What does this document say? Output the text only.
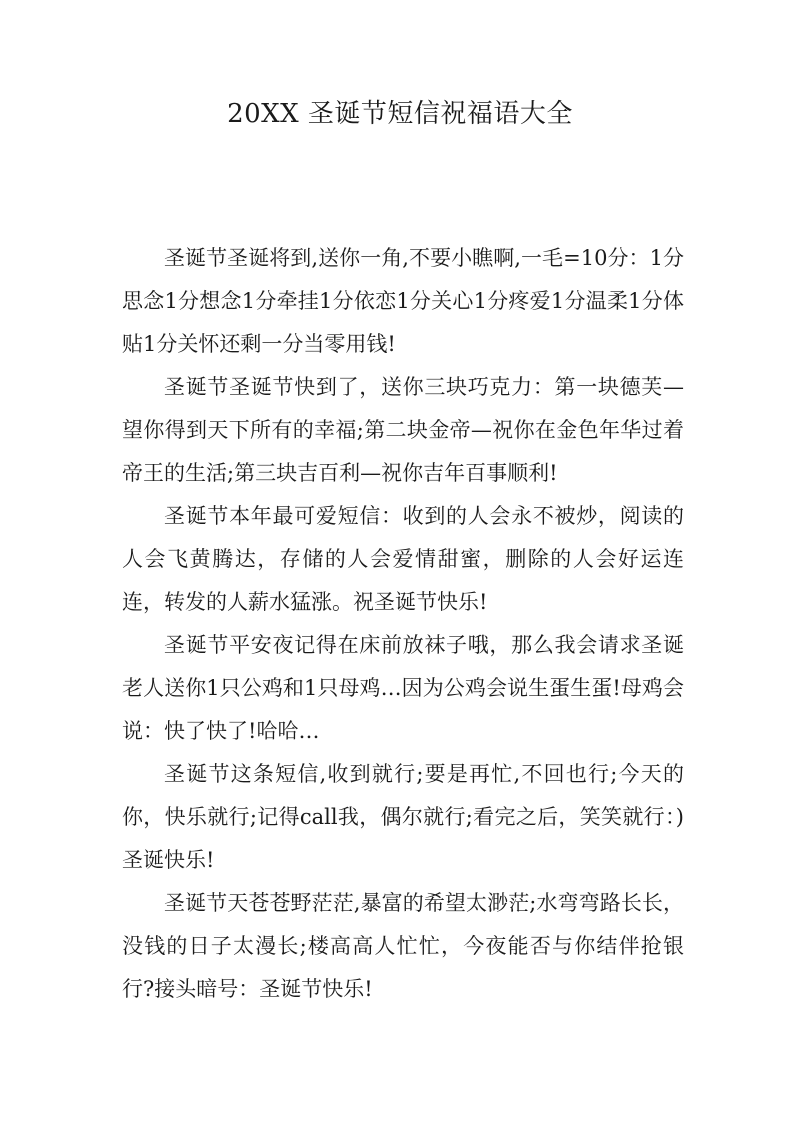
20XX 圣诞节短信祝福语大全

圣诞节圣诞将到,送你一角,不要小瞧啊,一毛=10分：1分思念1分想念1分牵挂1分依恋1分关心1分疼爱1分温柔1分体贴1分关怀还剩一分当零用钱!

圣诞节圣诞节快到了，送你三块巧克力：第一块德芙—望你得到天下所有的幸福;第二块金帝—祝你在金色年华过着帝王的生活;第三块吉百利—祝你吉年百事顺利!

圣诞节本年最可爱短信：收到的人会永不被炒，阅读的人会飞黄腾达，存储的人会爱情甜蜜，删除的人会好运连连，转发的人薪水猛涨。祝圣诞节快乐!

圣诞节平安夜记得在床前放袜子哦，那么我会请求圣诞老人送你1只公鸡和1只母鸡…因为公鸡会说生蛋生蛋!母鸡会说：快了快了!哈哈…

圣诞节这条短信,收到就行;要是再忙,不回也行;今天的你，快乐就行;记得call我，偶尔就行;看完之后，笑笑就行：)圣诞快乐!

圣诞节天苍苍野茫茫,暴富的希望太渺茫;水弯弯路长长，没钱的日子太漫长;楼高高人忙忙，今夜能否与你结伴抢银行?接头暗号：圣诞节快乐!
